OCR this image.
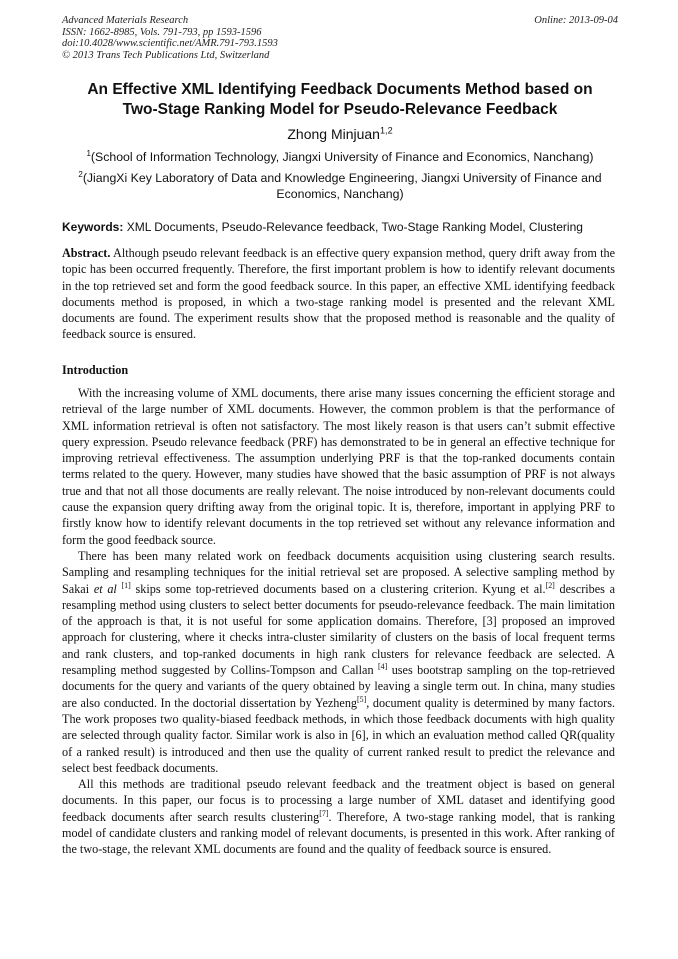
Advanced Materials Research
ISSN: 1662-8985, Vols. 791-793, pp 1593-1596
doi:10.4028/www.scientific.net/AMR.791-793.1593
© 2013 Trans Tech Publications Ltd, Switzerland
Online: 2013-09-04
An Effective XML Identifying Feedback Documents Method based on
Two-Stage Ranking Model for Pseudo-Relevance Feedback
Zhong Minjuan$^{1,2}$
$^1$(School of Information Technology, Jiangxi University of Finance and Economics, Nanchang)
$^2$(JiangXi Key Laboratory of Data and Knowledge Engineering, Jiangxi University of Finance and Economics, Nanchang)
Keywords: XML Documents, Pseudo-Relevance feedback, Two-Stage Ranking Model, Clustering
Abstract. Although pseudo relevant feedback is an effective query expansion method, query drift away from the topic has been occurred frequently. Therefore, the first important problem is how to identify relevant documents in the top retrieved set and form the good feedback source. In this paper, an effective XML identifying feedback documents method is proposed, in which a two-stage ranking model is presented and the relevant XML documents are found. The experiment results show that the proposed method is reasonable and the quality of feedback source is ensured.
Introduction

With the increasing volume of XML documents, there arise many issues concerning the efficient storage and retrieval of the large number of XML documents. However, the common problem is that the performance of XML information retrieval is often not satisfactory. The most likely reason is that users can’t submit effective query expression. Pseudo relevance feedback (PRF) has demonstrated to be in general an effective technique for improving retrieval effectiveness. The assumption underlying PRF is that the top-ranked documents contain terms related to the query. However, many studies have showed that the basic assumption of PRF is not always true and that not all those documents are really relevant. The noise introduced by non-relevant documents could cause the expansion query drifting away from the original topic. It is, therefore, important in applying PRF to firstly know how to identify relevant documents in the top retrieved set without any relevance information and form the good feedback source.

There has been many related work on feedback documents acquisition using clustering search results. Sampling and resampling techniques for the initial retrieval set are proposed. A selective sampling method by Sakai et al [1] skips some top-retrieved documents based on a clustering criterion. Kyung et al.[2] describes a resampling method using clusters to select better documents for pseudo-relevance feedback. The main limitation of the approach is that, it is not useful for some application domains. Therefore, [3] proposed an improved approach for clustering, where it checks intra-cluster similarity of clusters on the basis of local frequent terms and rank clusters, and top-ranked documents in high rank clusters for relevance feedback are selected. A resampling method suggested by Collins-Tompson and Callan [4] uses bootstrap sampling on the top-retrieved documents for the query and variants of the query obtained by leaving a single term out. In china, many studies are also conducted. In the doctorial dissertation by Yezheng[5], document quality is determined by many factors. The work proposes two quality-biased feedback methods, in which those feedback documents with high quality are selected through quality factor. Similar work is also in [6], in which an evaluation method called QR(quality of a ranked result) is introduced and then use the quality of current ranked result to predict the relevance and select best feedback documents.

All this methods are traditional pseudo relevant feedback and the treatment object is based on general documents. In this paper, our focus is to processing a large number of XML dataset and identifying good feedback documents after search results clustering[7]. Therefore, A two-stage ranking model, that is ranking model of candidate clusters and ranking model of relevant documents, is presented in this work. After ranking of the two-stage, the relevant XML documents are found and the quality of feedback source is ensured.
